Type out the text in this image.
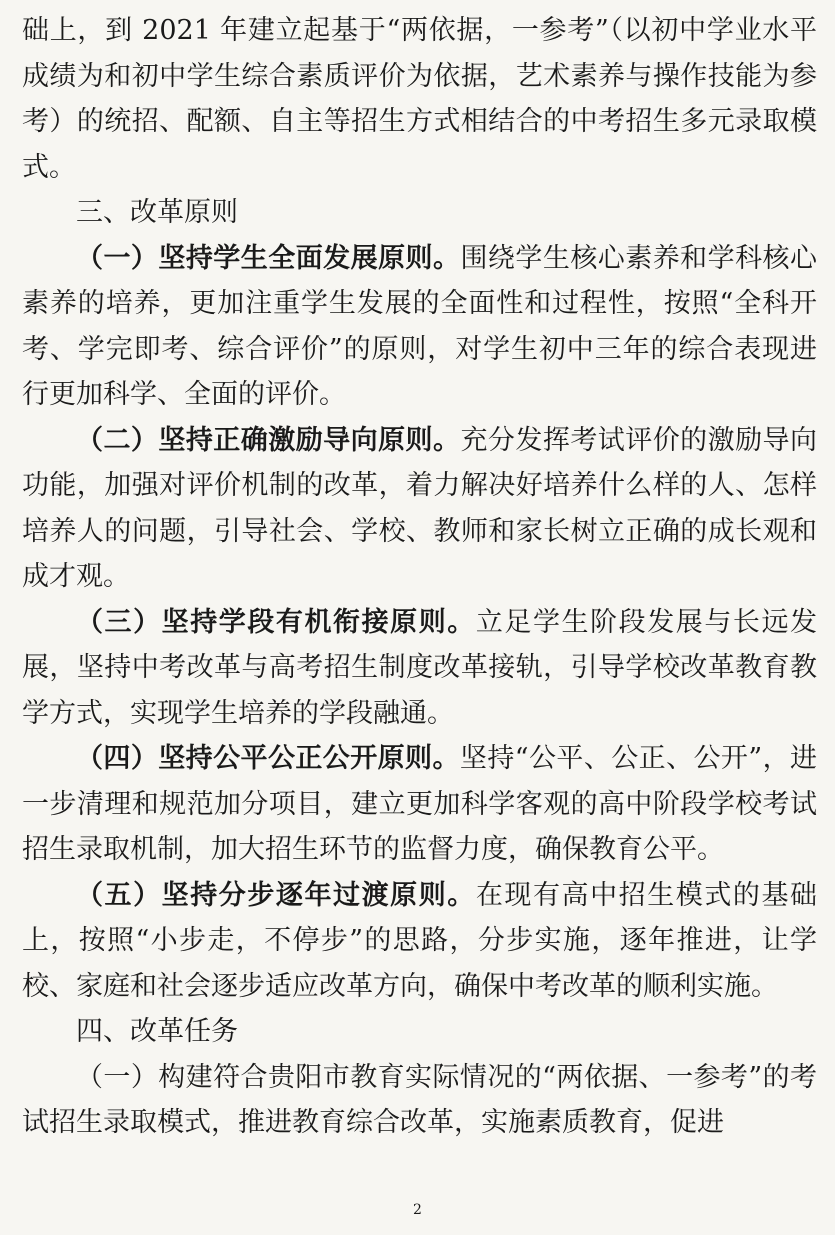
础上，到 2021 年建立起基于“两依据，一参考”（以初中学业水平成绩为和初中学生综合素质评价为依据，艺术素养与操作技能为参考）的统招、配额、自主等招生方式相结合的中考招生多元录取模式。

三、改革原则

（一）坚持学生全面发展原则。围绕学生核心素养和学科核心素养的培养，更加注重学生发展的全面性和过程性，按照“全科开考、学完即考、综合评价”的原则，对学生初中三年的综合表现进行更加科学、全面的评价。

（二）坚持正确激励导向原则。充分发挥考试评价的激励导向功能，加强对评价机制的改革，着力解决好培养什么样的人、怎样培养人的问题，引导社会、学校、教师和家长树立正确的成长观和成才观。

（三）坚持学段有机衔接原则。立足学生阶段发展与长远发展，坚持中考改革与高考招生制度改革接轨，引导学校改革教育教学方式，实现学生培养的学段融通。

（四）坚持公平公正公开原则。坚持“公平、公正、公开”，进一步清理和规范加分项目，建立更加科学客观的高中阶段学校考试招生录取机制，加大招生环节的监督力度，确保教育公平。

（五）坚持分步逐年过渡原则。在现有高中招生模式的基础上，按照“小步走，不停步”的思路，分步实施，逐年推进，让学校、家庭和社会逐步适应改革方向，确保中考改革的顺利实施。

四、改革任务

（一）构建符合贵阳市教育实际情况的“两依据、一参考”的考试招生录取模式，推进教育综合改革，实施素质教育，促进

2
